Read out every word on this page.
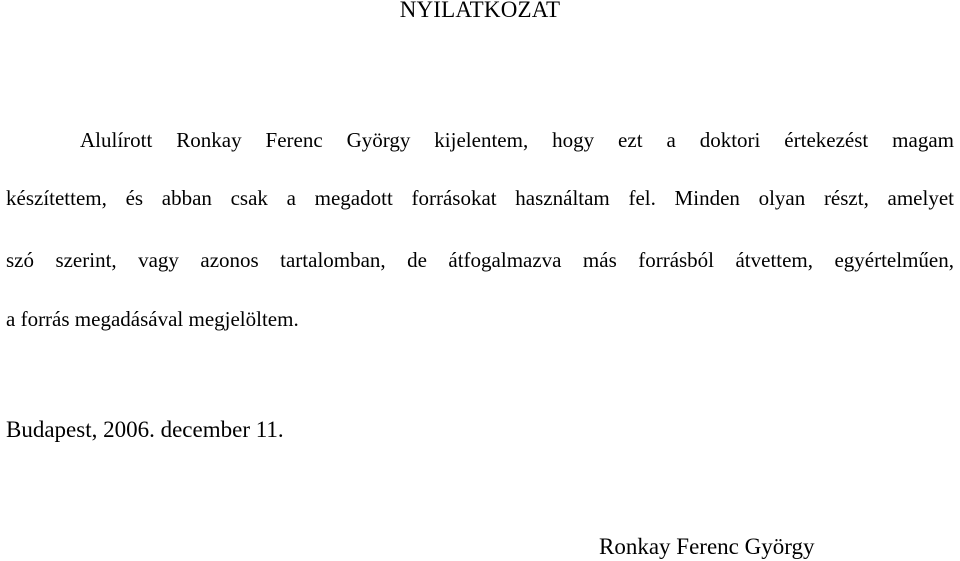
NYILATKOZAT
Alulírott Ronkay Ferenc György kijelentem, hogy ezt a doktori értekezést magam
készítettem, és abban csak a megadott forrásokat használtam fel. Minden olyan részt, amelyet
szó szerint, vagy azonos tartalomban, de átfogalmazva más forrásból átvettem, egyértelműen,
a forrás megadásával megjelöltem.
Budapest, 2006. december 11.
Ronkay Ferenc György
